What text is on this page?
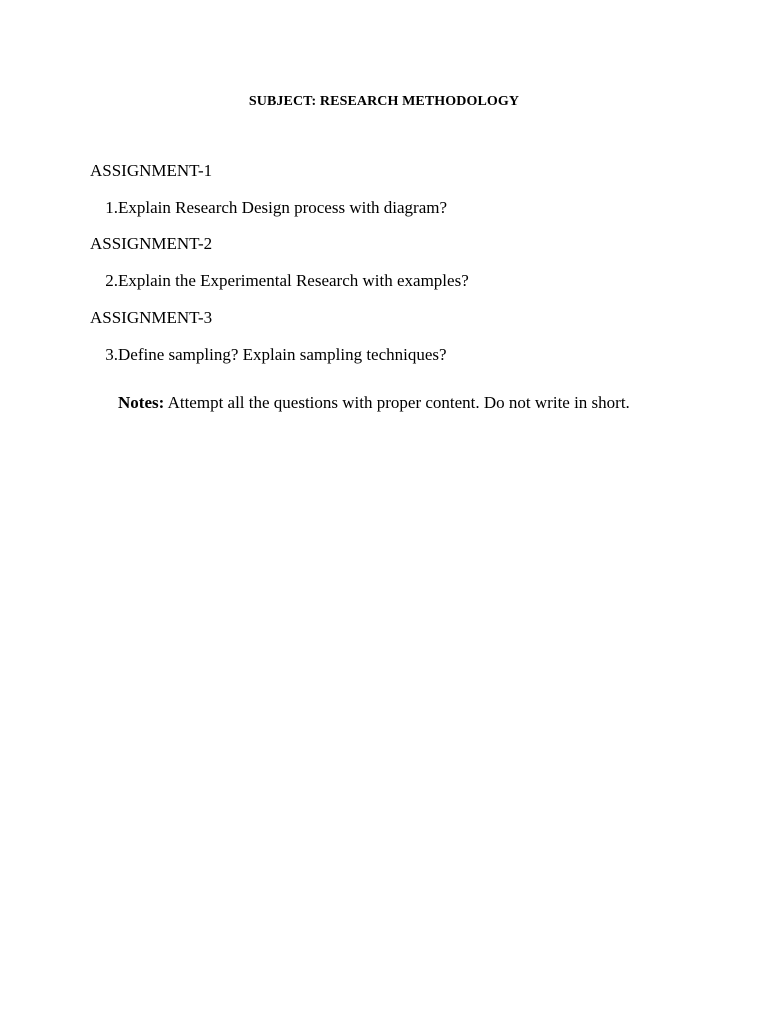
SUBJECT: RESEARCH METHODOLOGY
ASSIGNMENT-1
1.Explain Research Design process with diagram?
ASSIGNMENT-2
2.Explain the Experimental Research with examples?
ASSIGNMENT-3
3.Define sampling? Explain sampling techniques?
Notes: Attempt all the questions with proper content. Do not write in short.
